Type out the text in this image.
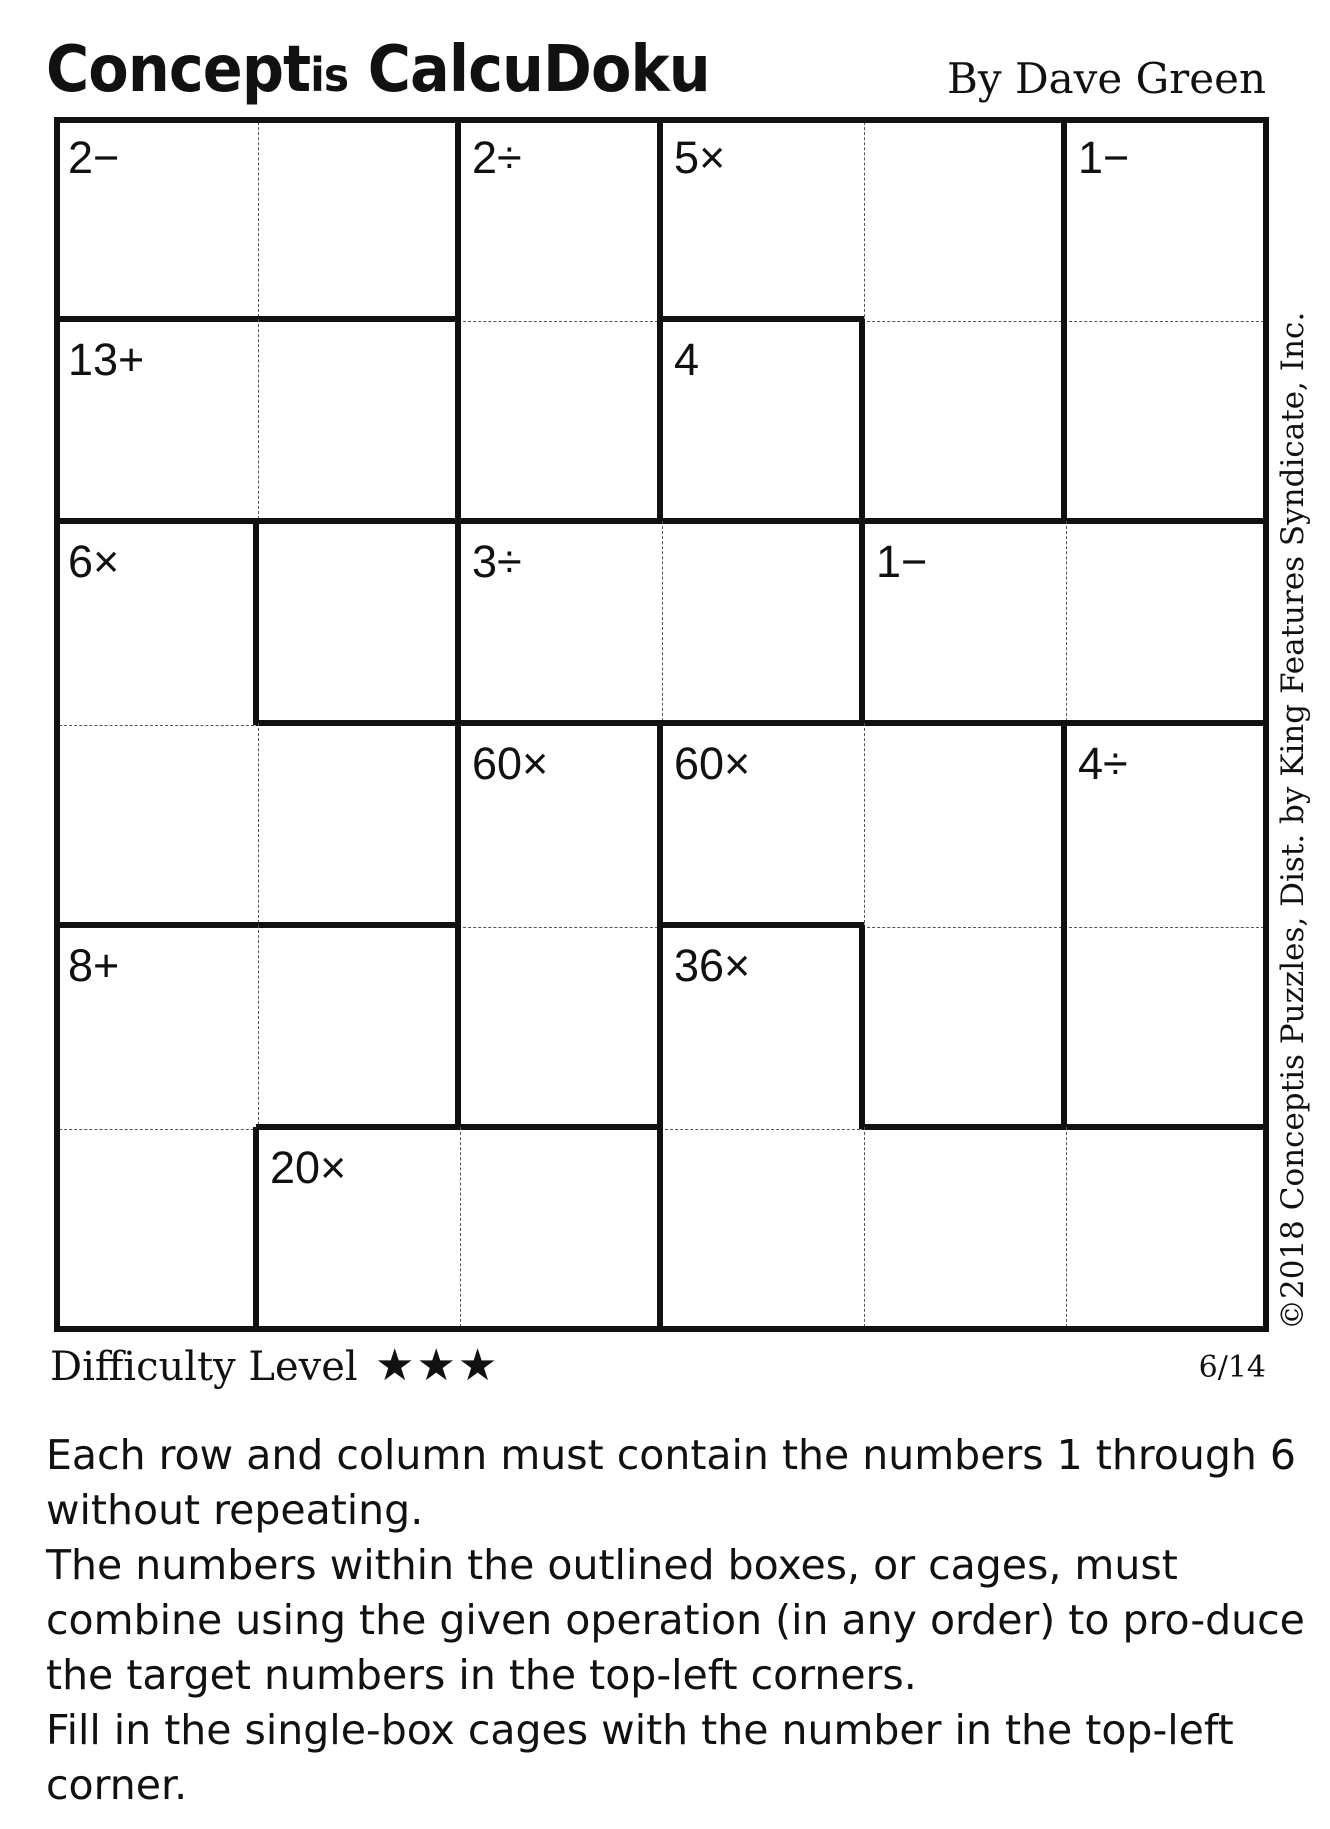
Conceptis CalcuDoku	By Dave Green
2−	2÷	5×	1−
13+	4
6×	3÷	1−
60×	60×	4÷
8+
20×
36×	©2018 Conceptis Puzzles, Dist. by King Features Syndicate, Inc.
Difficulty Level ★★★	6/14

Each row and column must contain the numbers 1 through 6 without repeating.

The numbers within the outlined boxes, or cages, must combine using the given operation (in any order) to pro-duce the target numbers in the top-left corners.

Fill in the single-box cages with the number in the top-left corner.
